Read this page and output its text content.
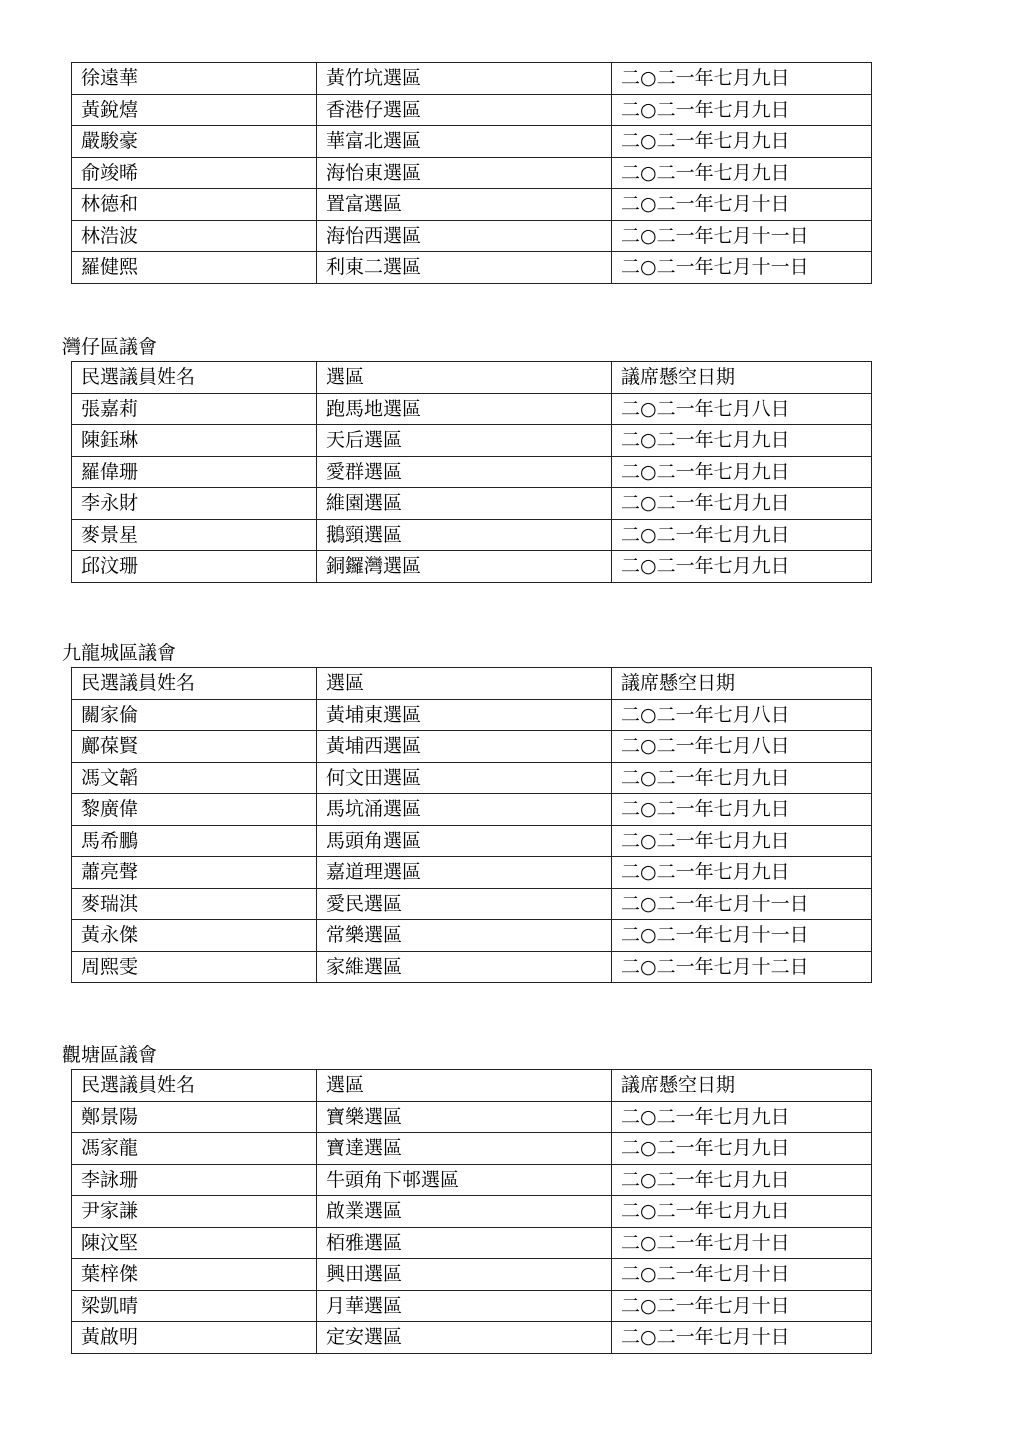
徐遠華	黃竹坑選區	二○二一年七月九日
黃銳熺	香港仔選區	二○二一年七月九日
嚴駿豪	華富北選區	二○二一年七月九日
俞竣晞	海怡東選區	二○二一年七月九日
林德和	置富選區	二○二一年七月十日
林浩波	海怡西選區	二○二一年七月十一日
羅健熙	利東二選區	二○二一年七月十一日
灣仔區議會
民選議員姓名	選區	議席懸空日期
張嘉莉	跑馬地選區	二○二一年七月八日
陳鈺琳	天后選區	二○二一年七月九日
羅偉珊	愛群選區	二○二一年七月九日
李永財	維園選區	二○二一年七月九日
麥景星	鵝頸選區	二○二一年七月九日
邱汶珊	銅鑼灣選區	二○二一年七月九日
九龍城區議會
民選議員姓名	選區	議席懸空日期
關家倫	黃埔東選區	二○二一年七月八日
鄺葆賢	黃埔西選區	二○二一年七月八日
馮文韜	何文田選區	二○二一年七月九日
黎廣偉	馬坑涌選區	二○二一年七月九日
馬希鵬	馬頭角選區	二○二一年七月九日
蕭亮聲	嘉道理選區	二○二一年七月九日
麥瑞淇	愛民選區	二○二一年七月十一日
黃永傑	常樂選區	二○二一年七月十一日
周熙雯	家維選區	二○二一年七月十二日
觀塘區議會
民選議員姓名	選區	議席懸空日期
鄭景陽	寶樂選區	二○二一年七月九日
馮家龍	寶達選區	二○二一年七月九日
李詠珊	牛頭角下邨選區	二○二一年七月九日
尹家謙	啟業選區	二○二一年七月九日
陳汶堅	栢雅選區	二○二一年七月十日
葉梓傑	興田選區	二○二一年七月十日
梁凱晴	月華選區	二○二一年七月十日
黃啟明	定安選區	二○二一年七月十日
